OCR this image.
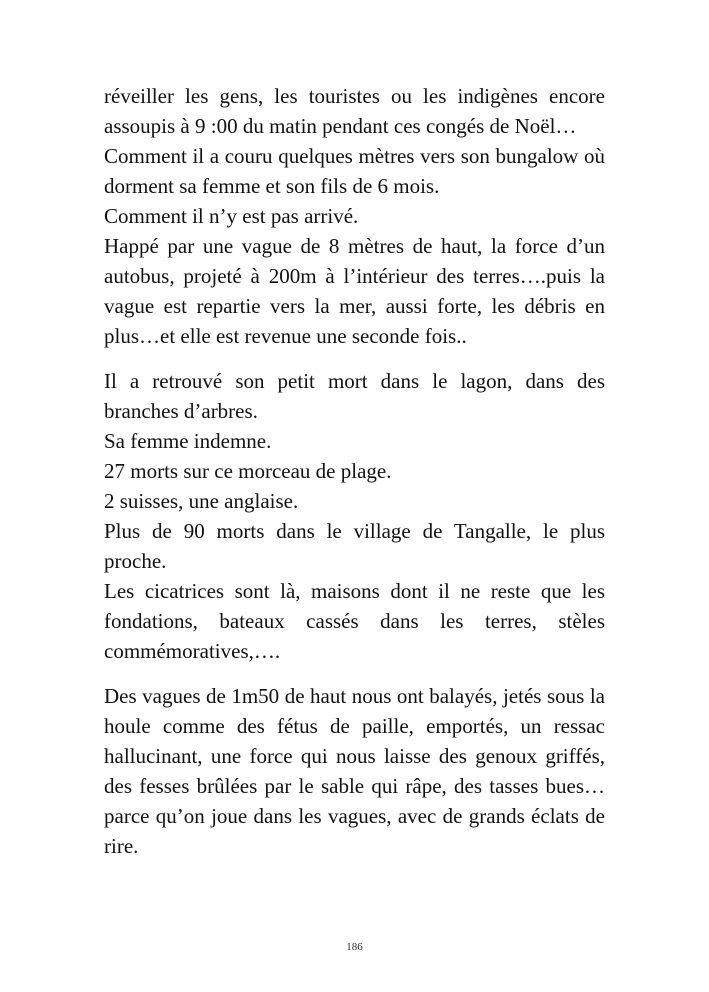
réveiller les gens, les touristes ou les indigènes encore assoupis à 9 :00 du matin pendant ces congés de Noël…

Comment il a couru quelques mètres vers son bungalow où dorment sa femme et son fils de 6 mois.

Comment il n’y est pas arrivé.

Happé par une vague de 8 mètres de haut, la force d’un autobus, projeté à 200m à l’intérieur des terres….puis la vague est repartie vers la mer, aussi forte, les débris en plus…et elle est revenue une seconde fois..

Il a retrouvé son petit mort dans le lagon, dans des branches d’arbres.

Sa femme indemne.

27 morts sur ce morceau de plage.

2 suisses, une anglaise.

Plus de 90 morts dans le village de Tangalle, le plus proche.

Les cicatrices sont là, maisons dont il ne reste que les fondations, bateaux cassés dans les terres, stèles commémoratives,….

Des vagues de 1m50 de haut nous ont balayés, jetés sous la houle comme des fétus de paille, emportés, un ressac hallucinant, une force qui nous laisse des genoux griffés, des fesses brûlées par le sable qui râpe, des tasses bues…parce qu’on joue dans les vagues, avec de grands éclats de rire.

186
